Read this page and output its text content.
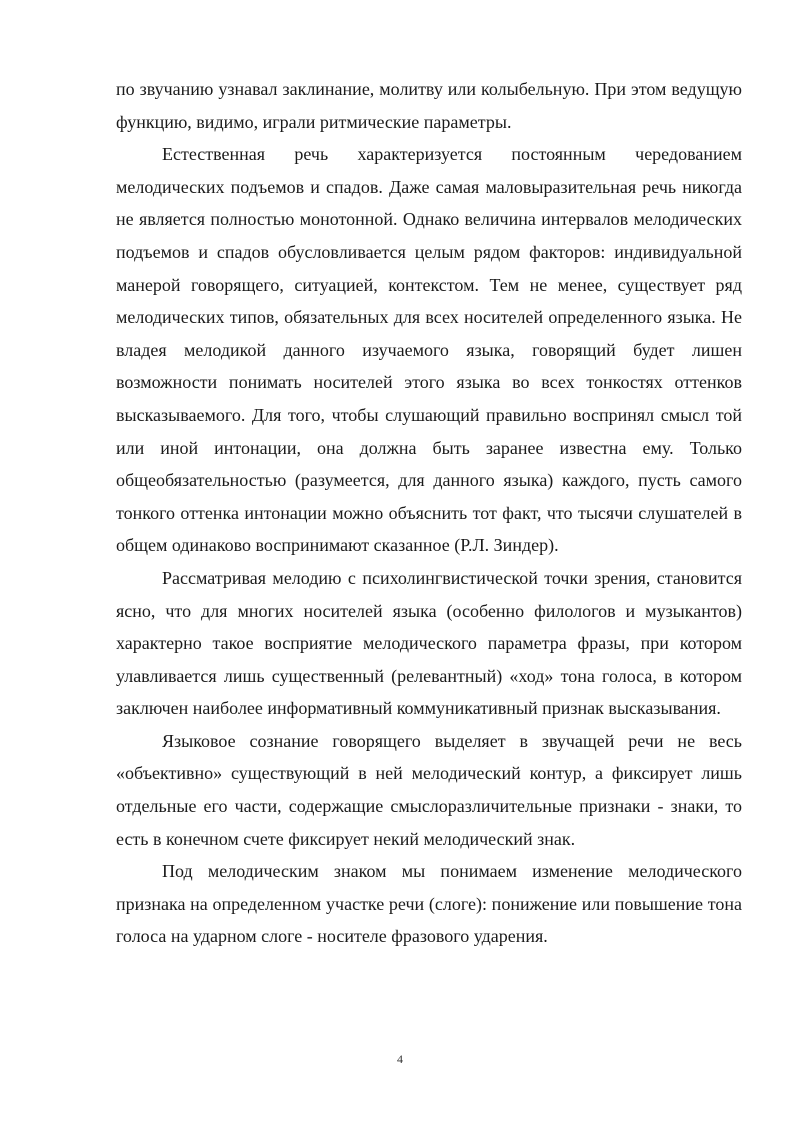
по звучанию узнавал заклинание, молитву или колыбельную. При этом ведущую функцию, видимо, играли ритмические параметры.

Естественная речь характеризуется постоянным чередованием мелодических подъемов и спадов. Даже самая маловыразительная речь никогда не является полностью монотонной. Однако величина интервалов мелодических подъемов и спадов обусловливается целым рядом факторов: индивидуальной манерой говорящего, ситуацией, контекстом. Тем не менее, существует ряд мелодических типов, обязательных для всех носителей определенного языка. Не владея мелодикой данного изучаемого языка, говорящий будет лишен возможности понимать носителей этого языка во всех тонкостях оттенков высказываемого. Для того, чтобы слушающий правильно воспринял смысл той или иной интонации, она должна быть заранее известна ему. Только общеобязательностью (разумеется, для данного языка) каждого, пусть самого тонкого оттенка интонации можно объяснить тот факт, что тысячи слушателей в общем одинаково воспринимают сказанное (Р.Л. Зиндер).

Рассматривая мелодию с психолингвистической точки зрения, становится ясно, что для многих носителей языка (особенно филологов и музыкантов) характерно такое восприятие мелодического параметра фразы, при котором улавливается лишь существенный (релевантный) «ход» тона голоса, в котором заключен наиболее информативный коммуникативный признак высказывания.

Языковое сознание говорящего выделяет в звучащей речи не весь «объективно» существующий в ней мелодический контур, а фиксирует лишь отдельные его части, содержащие смыслоразличительные признаки - знаки, то есть в конечном счете фиксирует некий мелодический знак.

Под мелодическим знаком мы понимаем изменение мелодического признака на определенном участке речи (слоге): понижение или повышение тона голоса на ударном слоге - носителе фразового ударения.

4
